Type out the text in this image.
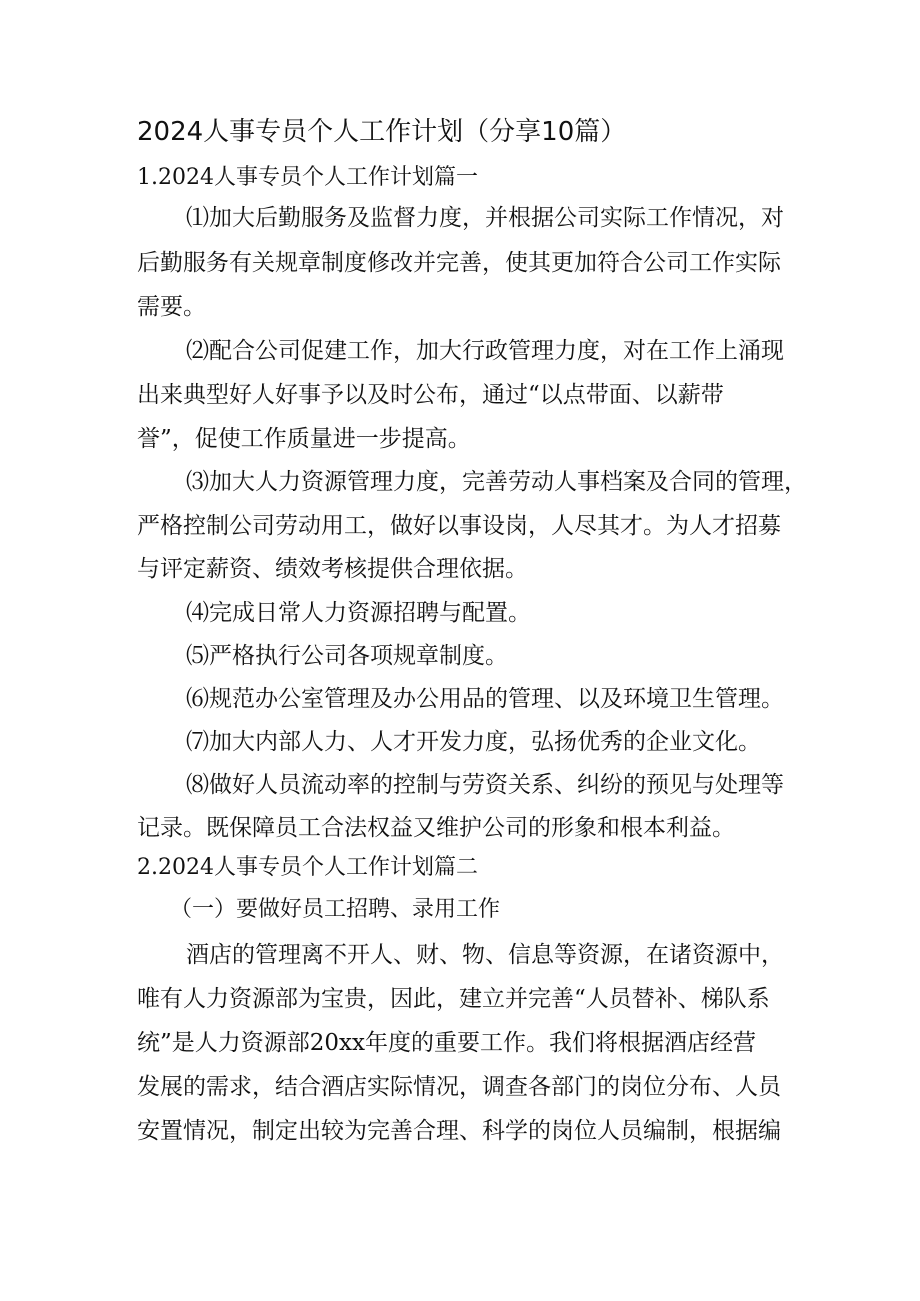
2024人事专员个人工作计划（分享10篇）
1.2024人事专员个人工作计划篇一
⑴加大后勤服务及监督力度，并根据公司实际工作情况，对
后勤服务有关规章制度修改并完善，使其更加符合公司工作实际
需要。
⑵配合公司促建工作，加大行政管理力度，对在工作上涌现
出来典型好人好事予以及时公布，通过“以点带面、以薪带
誉”，促使工作质量进一步提高。
⑶加大人力资源管理力度，完善劳动人事档案及合同的管理，
严格控制公司劳动用工，做好以事设岗，人尽其才。为人才招募
与评定薪资、绩效考核提供合理依据。
⑷完成日常人力资源招聘与配置。
⑸严格执行公司各项规章制度。
⑹规范办公室管理及办公用品的管理、以及环境卫生管理。
⑺加大内部人力、人才开发力度，弘扬优秀的企业文化。
⑻做好人员流动率的控制与劳资关系、纠纷的预见与处理等
记录。既保障员工合法权益又维护公司的形象和根本利益。
2.2024人事专员个人工作计划篇二
（一）要做好员工招聘、录用工作
酒店的管理离不开人、财、物、信息等资源，在诸资源中，
唯有人力资源部为宝贵，因此，建立并完善“人员替补、梯队系
统”是人力资源部20xx年度的重要工作。我们将根据酒店经营
发展的需求，结合酒店实际情况，调查各部门的岗位分布、人员
安置情况，制定出较为完善合理、科学的岗位人员编制，根据编
